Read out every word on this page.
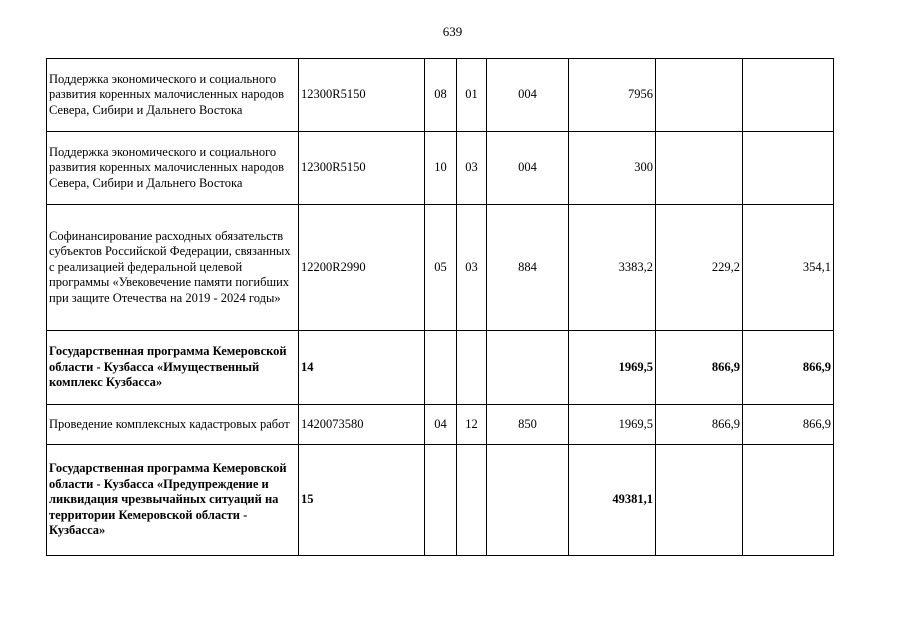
639
Поддержка экономического и социального развития коренных малочисленных народов Севера, Сибири и Дальнего Востока	12300R5150	08	01	004	7956		
Поддержка экономического и социального развития коренных малочисленных народов Севера, Сибири и Дальнего Востока	12300R5150	10	03	004	300		
Софинансирование расходных обязательств субъектов Российской Федерации, связанных с реализацией федеральной целевой программы «Увековечение памяти погибших при защите Отечества на 2019 - 2024 годы»	12200R2990	05	03	884	3383,2	229,2	354,1
Государственная программа Кемеровской области - Кузбасса «Имущественный комплекс Кузбасса»	14				1969,5	866,9	866,9
Проведение комплексных кадастровых работ	1420073580	04	12	850	1969,5	866,9	866,9
Государственная программа Кемеровской области - Кузбасса «Предупреждение и ликвидация чрезвычайных ситуаций на территории Кемеровской области - Кузбасса»	15				49381,1		
